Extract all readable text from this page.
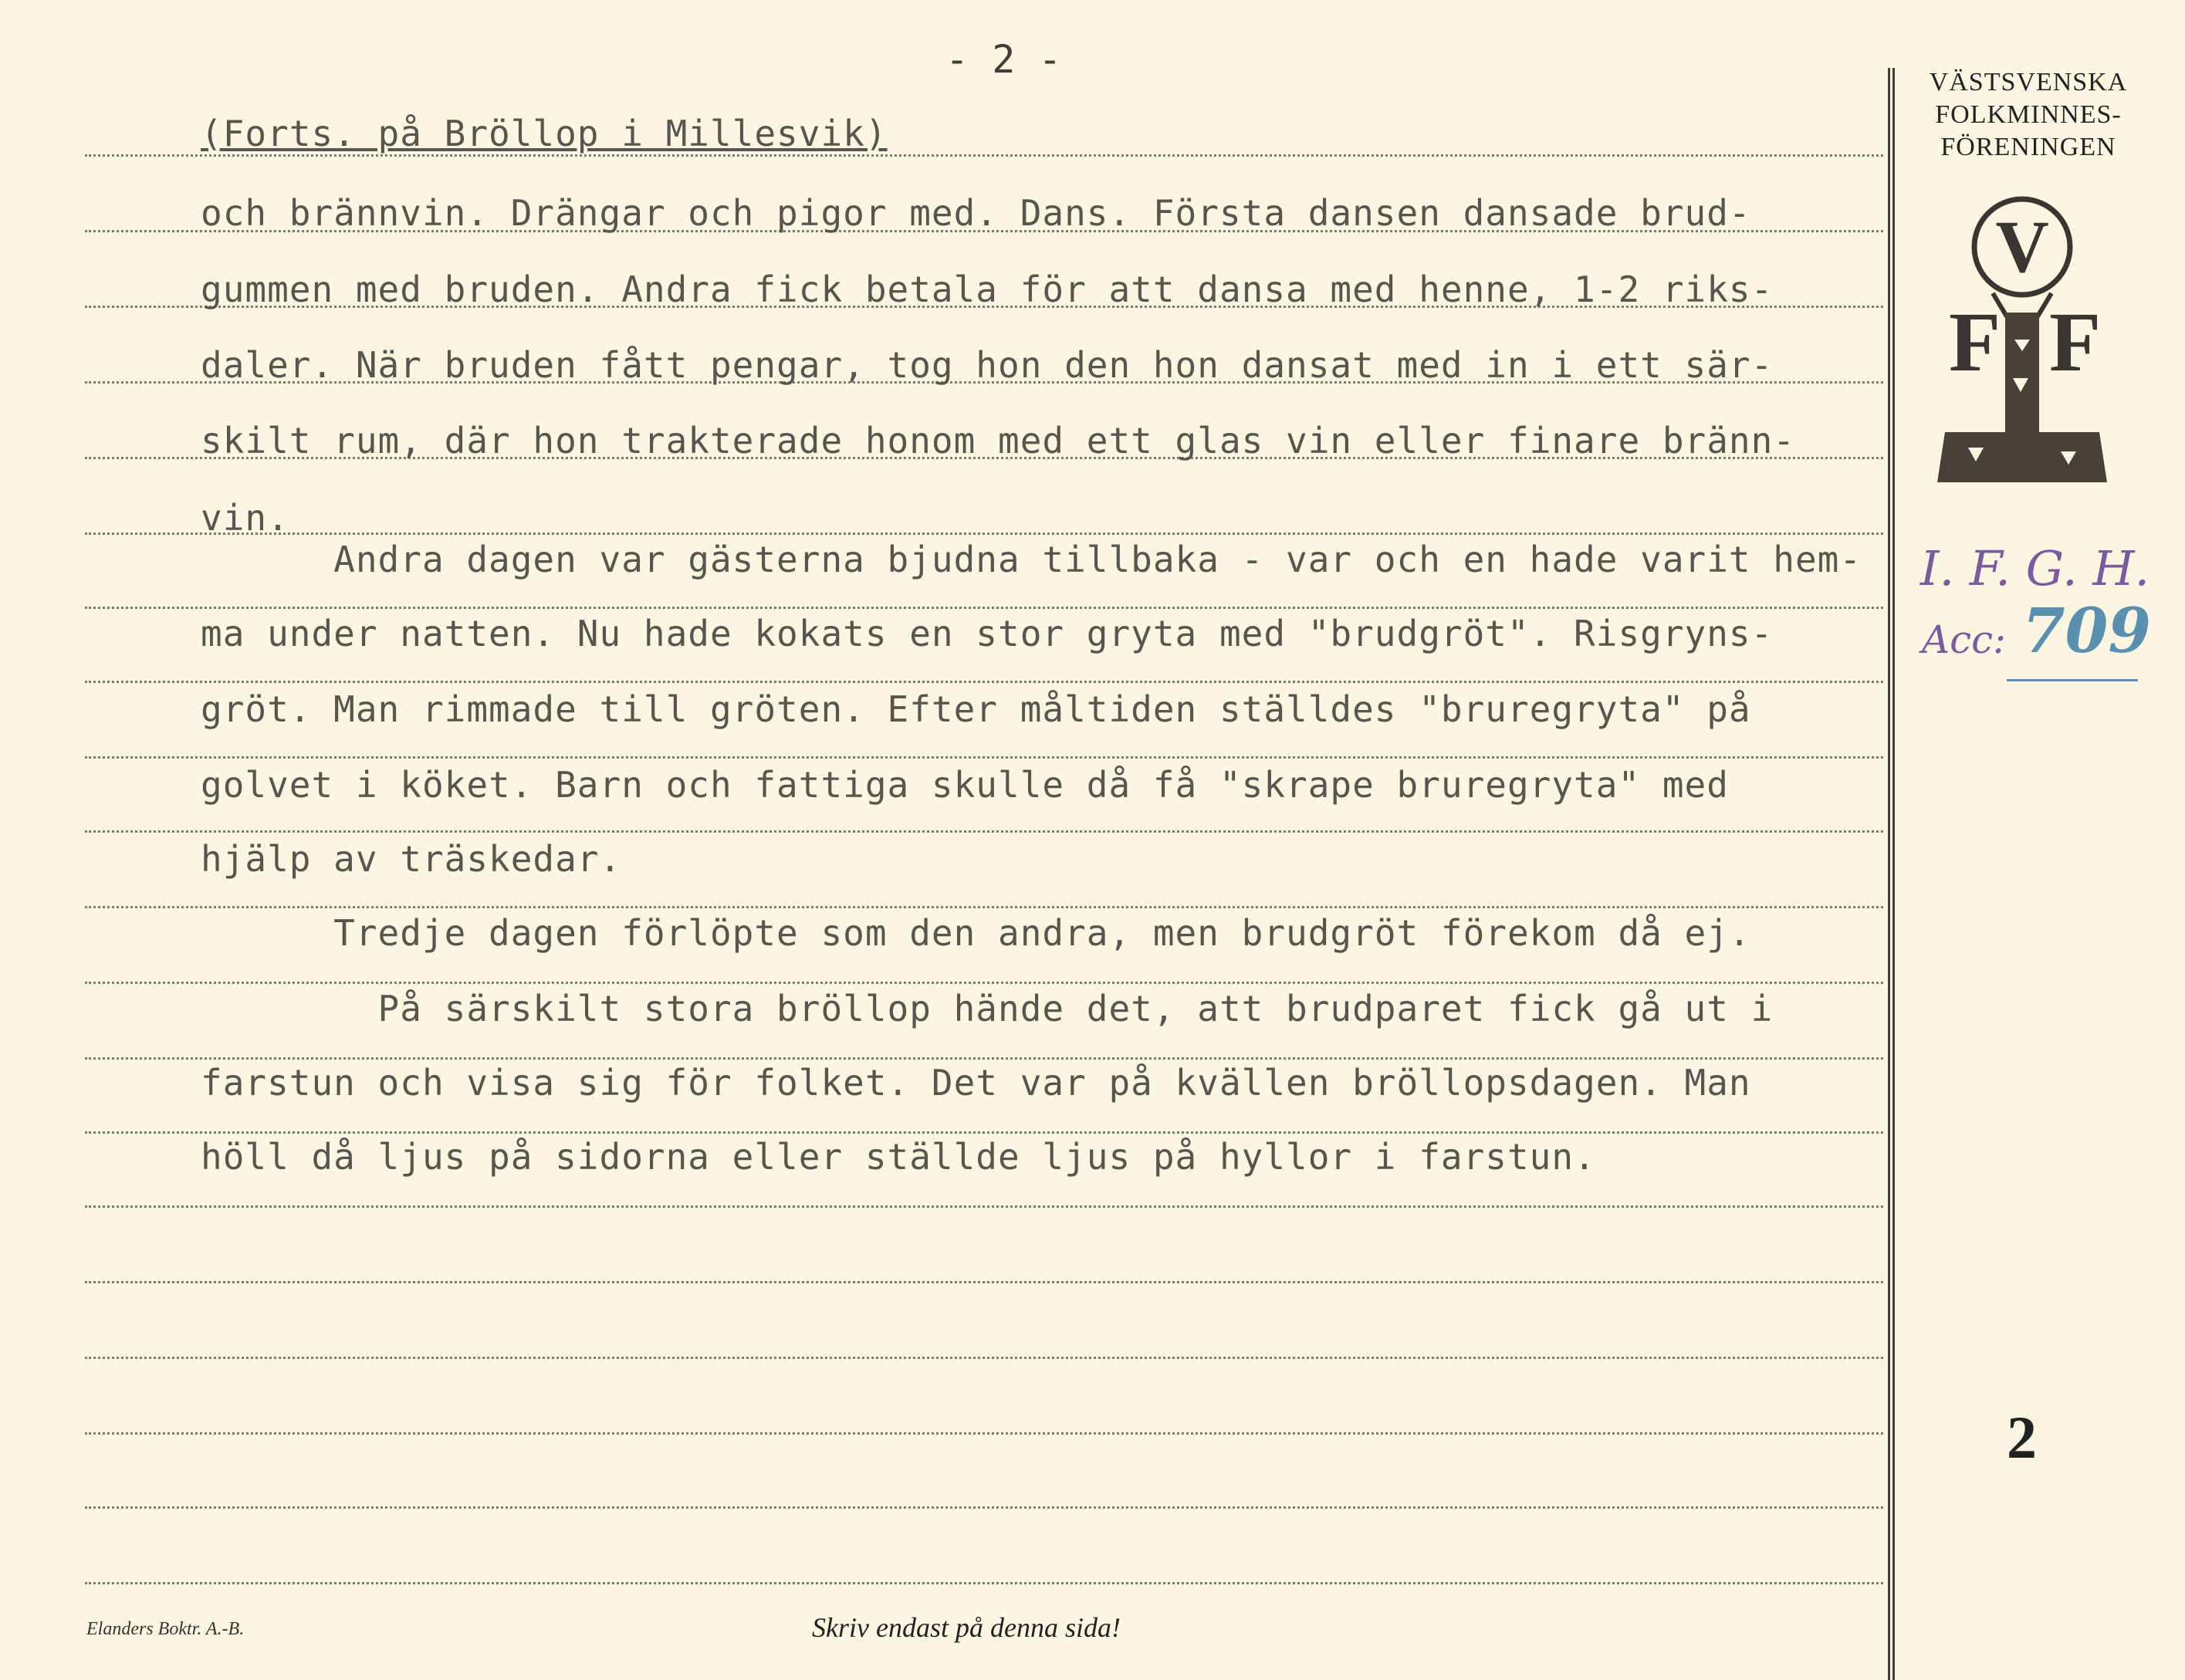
- 2 -
(Forts. på Bröllop i Millesvik)
och brännvin. Drängar och pigor med. Dans. Första dansen dansade brud-
gummen med bruden. Andra fick betala för att dansa med henne, 1-2 riks-
daler. När bruden fått pengar, tog hon den hon dansat med in i ett sär-
skilt rum, där hon trakterade honom med ett glas vin eller finare bränn-
vin.
Andra dagen var gästerna bjudna tillbaka - var och en hade varit hem-
ma under natten. Nu hade kokats en stor gryta med "brudgröt". Risgryns-
gröt. Man rimmade till gröten. Efter måltiden ställdes "bruregryta" på
golvet i köket. Barn och fattiga skulle då få "skrape bruregryta" med
hjälp av träskedar.
Tredje dagen förlöpte som den andra, men brudgröt förekom då ej.
På särskilt stora bröllop hände det, att brudparet fick gå ut i
farstun och visa sig för folket. Det var på kvällen bröllopsdagen. Man
höll då ljus på sidorna eller ställde ljus på hyllor i farstun.
VÄSTSVENSKA
FOLKMINNES-
FÖRENINGEN
V
F F
I. F. G. H.
Acc: 709
2
Elanders Boktr. A.-B.	Skriv endast på denna sida!
